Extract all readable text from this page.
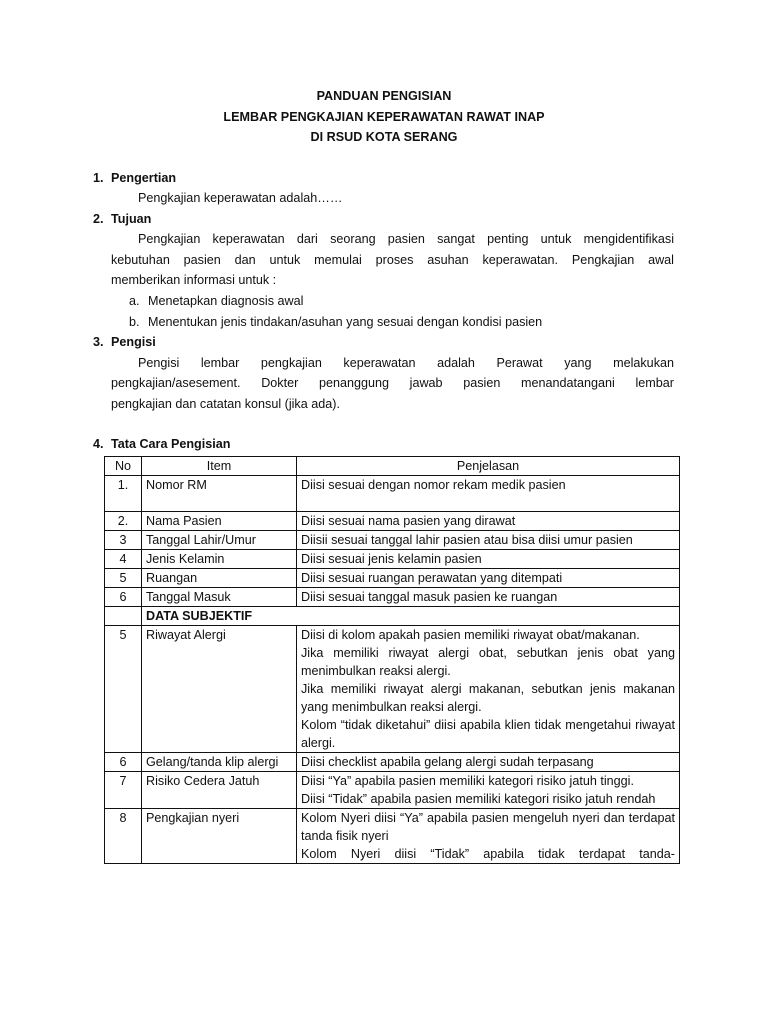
PANDUAN PENGISIAN
LEMBAR PENGKAJIAN KEPERAWATAN RAWAT INAP
DI RSUD KOTA SERANG
1. Pengertian
Pengkajian keperawatan adalah……
2. Tujuan
Pengkajian keperawatan dari seorang pasien sangat penting untuk mengidentifikasi
kebutuhan pasien dan untuk memulai proses asuhan keperawatan. Pengkajian awal
memberikan informasi untuk :
a. Menetapkan diagnosis awal
b. Menentukan jenis tindakan/asuhan yang sesuai dengan kondisi pasien
3. Pengisi
Pengisi lembar pengkajian keperawatan adalah Perawat yang melakukan
pengkajian/asesement. Dokter penanggung jawab pasien menandatangani lembar
pengkajian dan catatan konsul (jika ada).
4. Tata Cara Pengisian
No	Item	Penjelasan
1.	Nomor RM	Diisi sesuai dengan nomor rekam medik pasien
2.	Nama Pasien	Diisi sesuai nama pasien yang dirawat
3	Tanggal Lahir/Umur	Diisii sesuai tanggal lahir pasien atau bisa diisi umur pasien
4	Jenis Kelamin	Diisi sesuai jenis kelamin pasien
5	Ruangan	Diisi sesuai ruangan perawatan yang ditempati
6	Tanggal Masuk	Diisi sesuai tanggal masuk pasien ke ruangan
	DATA SUBJEKTIF	
5	Riwayat Alergi	Diisi di kolom apakah pasien memiliki riwayat obat/makanan.
Jika memiliki riwayat alergi obat, sebutkan jenis obat yang menimbulkan reaksi alergi.
Jika memiliki riwayat alergi makanan, sebutkan jenis makanan yang menimbulkan reaksi alergi.
Kolom “tidak diketahui” diisi apabila klien tidak mengetahui riwayat alergi.

6	Gelang/tanda klip alergi	Diisi checklist apabila gelang alergi sudah terpasang
7	Risiko Cedera Jatuh	Diisi “Ya” apabila pasien memiliki kategori risiko jatuh tinggi.
Diisi “Tidak” apabila pasien memiliki kategori risiko jatuh rendah

8	Pengkajian nyeri	Kolom Nyeri diisi “Ya” apabila pasien mengeluh nyeri dan terdapat tanda fisik nyeri
Kolom Nyeri diisi “Tidak” apabila tidak terdapat tanda-
